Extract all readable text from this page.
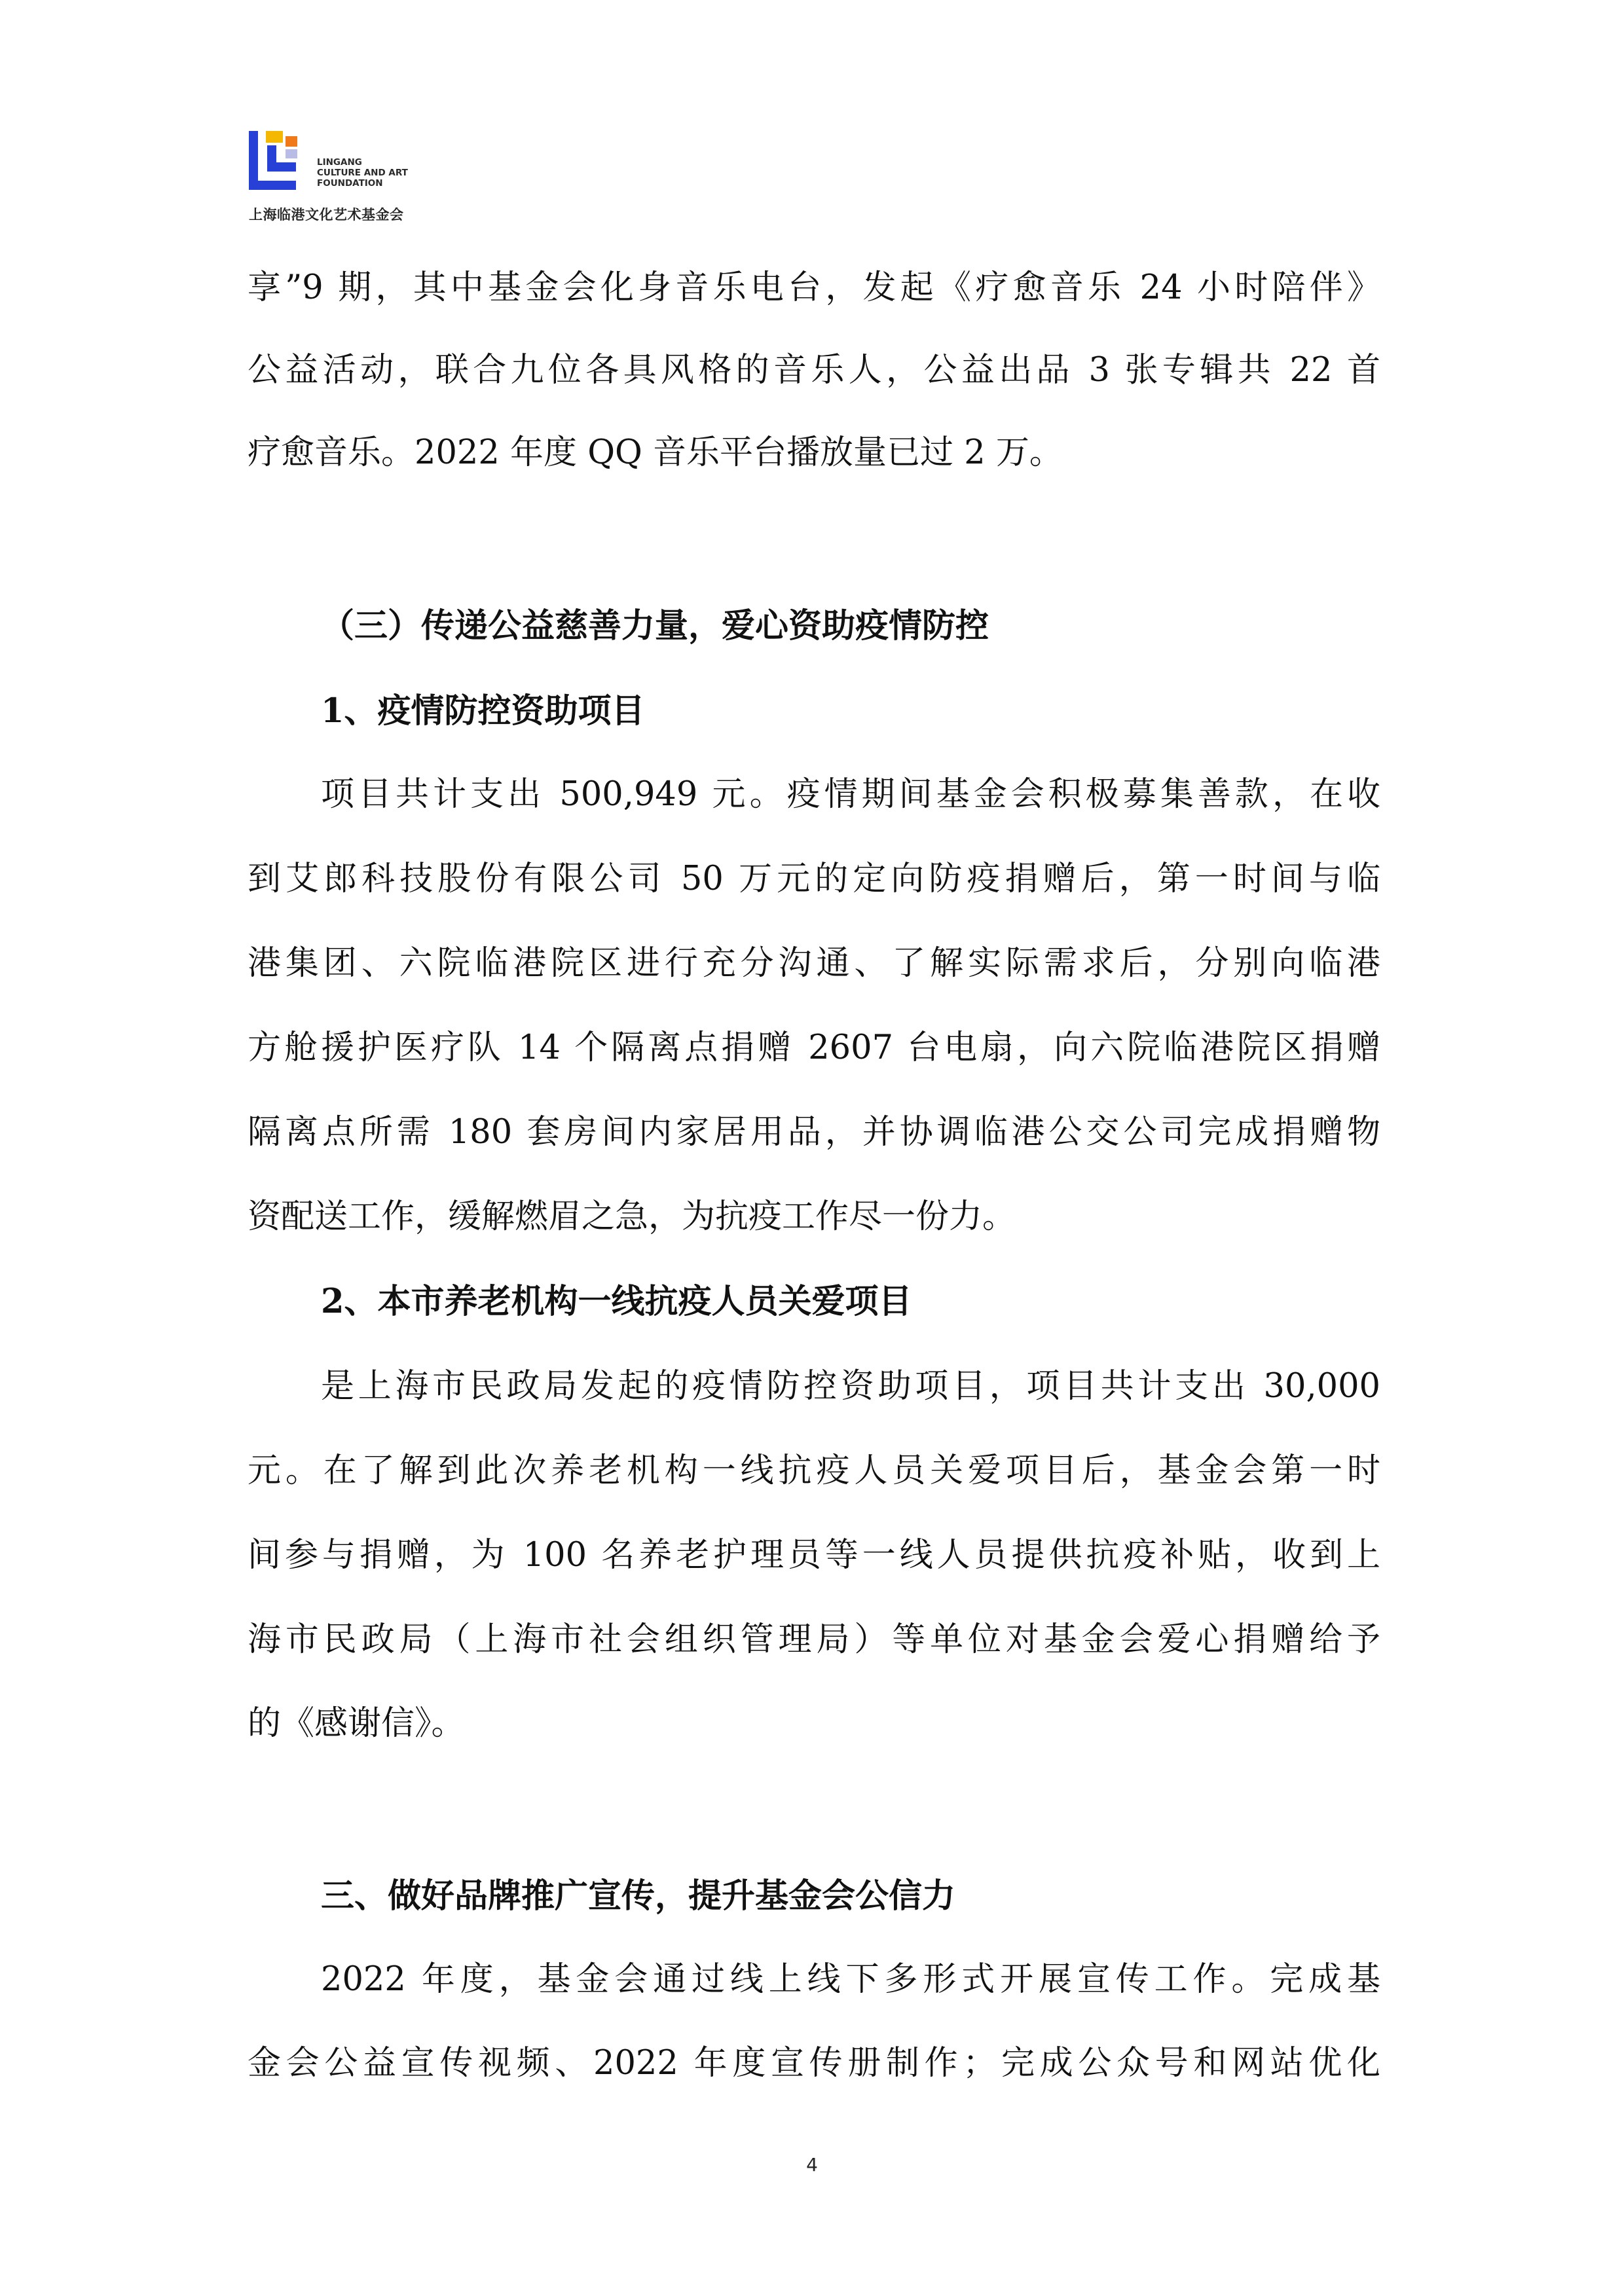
LINGANG
CULTURE AND ART
FOUNDATION
上海临港文化艺术基金会
享”9 期，其中基金会化身音乐电台，发起《疗愈音乐 24 小时陪伴》
公益活动，联合九位各具风格的音乐人，公益出品 3 张专辑共 22 首
疗愈音乐。2022 年度 QQ 音乐平台播放量已过 2 万。
（三）传递公益慈善力量，爱心资助疫情防控
1、疫情防控资助项目
项目共计支出 500,949 元。疫情期间基金会积极募集善款，在收
到艾郎科技股份有限公司 50 万元的定向防疫捐赠后，第一时间与临
港集团、六院临港院区进行充分沟通、了解实际需求后，分别向临港
方舱援护医疗队 14 个隔离点捐赠 2607 台电扇，向六院临港院区捐赠
隔离点所需 180 套房间内家居用品，并协调临港公交公司完成捐赠物
资配送工作，缓解燃眉之急，为抗疫工作尽一份力。
2、本市养老机构一线抗疫人员关爱项目
是上海市民政局发起的疫情防控资助项目，项目共计支出 30,000
元。在了解到此次养老机构一线抗疫人员关爱项目后，基金会第一时
间参与捐赠，为 100 名养老护理员等一线人员提供抗疫补贴，收到上
海市民政局（上海市社会组织管理局）等单位对基金会爱心捐赠给予
的《感谢信》。
三、做好品牌推广宣传，提升基金会公信力
2022 年度，基金会通过线上线下多形式开展宣传工作。完成基
金会公益宣传视频、2022 年度宣传册制作；完成公众号和网站优化
4
